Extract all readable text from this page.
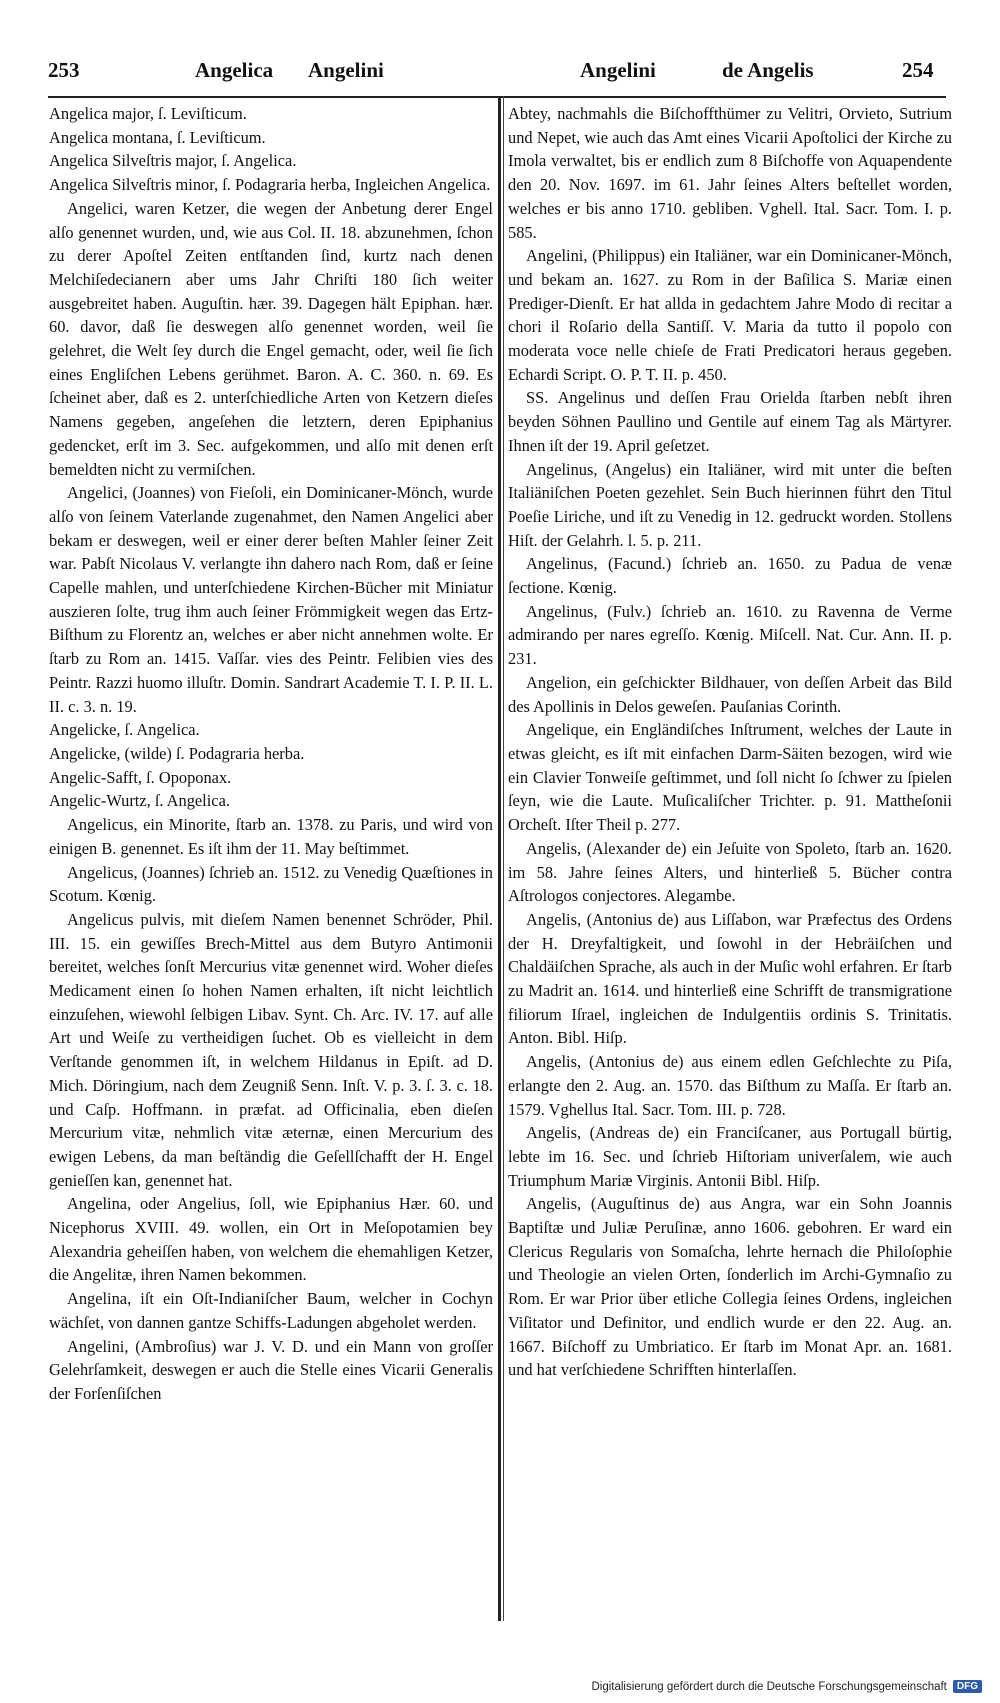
253	Angelica Angelini	Angelini	de Angelis	254

Angelica major, ſ. Leviſticum.

Angelica montana, ſ. Leviſticum.

Angelica Silveſtris major, ſ. Angelica.

Angelica Silveſtris minor, ſ. Podagraria herba, Ingleichen Angelica.

Angelici, waren Ketzer, die wegen der Anbetung derer Engel alſo genennet wurden, und, wie aus Col. II. 18. abzunehmen, ſchon zu derer Apoſtel Zeiten entſtanden ſind, kurtz nach denen Melchiſedecianern aber ums Jahr Chriſti 180 ſich weiter ausgebreitet haben. Auguſtin. hær. 39. Dagegen hält Epiphan. hær. 60. davor, daß ſie deswegen alſo genennet worden, weil ſie gelehret, die Welt ſey durch die Engel gemacht, oder, weil ſie ſich eines Engliſchen Lebens gerühmet. Baron. A. C. 360. n. 69. Es ſcheinet aber, daß es 2. unterſchiedliche Arten von Ketzern dieſes Namens gegeben, angeſehen die letztern, deren Epiphanius gedencket, erſt im 3. Sec. aufgekommen, und alſo mit denen erſt bemeldten nicht zu vermiſchen.

Angelici, (Joannes) von Fieſoli, ein Dominicaner-Mönch, wurde alſo von ſeinem Vaterlande zugenahmet, den Namen Angelici aber bekam er deswegen, weil er einer derer beſten Mahler ſeiner Zeit war. Pabſt Nicolaus V. verlangte ihn dahero nach Rom, daß er ſeine Capelle mahlen, und unterſchiedene Kirchen-Bücher mit Miniatur auszieren ſolte, trug ihm auch ſeiner Frömmigkeit wegen das Ertz-Biſthum zu Florentz an, welches er aber nicht annehmen wolte. Er ſtarb zu Rom an. 1415. Vaſſar. vies des Peintr. Felibien vies des Peintr. Razzi huomo illuſtr. Domin. Sandrart Academie T. I. P. II. L. II. c. 3. n. 19.

Angelicke, ſ. Angelica.

Angelicke, (wilde) ſ. Podagraria herba.

Angelic-Safft, ſ. Opoponax.

Angelic-Wurtz, ſ. Angelica.

Angelicus, ein Minorite, ſtarb an. 1378. zu Paris, und wird von einigen B. genennet. Es iſt ihm der 11. May beſtimmet.

Angelicus, (Joannes) ſchrieb an. 1512. zu Venedig Quæſtiones in Scotum. Kœnig.

Angelicus pulvis, mit dieſem Namen benennet Schröder, Phil. III. 15. ein gewiſſes Brech-Mittel aus dem Butyro Antimonii bereitet, welches ſonſt Mercurius vitæ genennet wird. Woher dieſes Medicament einen ſo hohen Namen erhalten, iſt nicht leichtlich einzuſehen, wiewohl ſelbigen Libav. Synt. Ch. Arc. IV. 17. auf alle Art und Weiſe zu vertheidigen ſuchet. Ob es vielleicht in dem Verſtande genommen iſt, in welchem Hildanus in Epiſt. ad D. Mich. Döringium, nach dem Zeugniß Senn. Inſt. V. p. 3. ſ. 3. c. 18. und Caſp. Hoffmann. in præfat. ad Officinalia, eben dieſen Mercurium vitæ, nehmlich vitæ æternæ, einen Mercurium des ewigen Lebens, da man beſtändig die Geſellſchafft der H. Engel genieſſen kan, genennet hat.

Angelina, oder Angelius, ſoll, wie Epiphanius Hær. 60. und Nicephorus XVIII. 49. wollen, ein Ort in Meſopotamien bey Alexandria geheiſſen haben, von welchem die ehemahligen Ketzer, die Angelitæ, ihren Namen bekommen.

Angelina, iſt ein Oſt-Indianiſcher Baum, welcher in Cochyn wächſet, von dannen gantze Schiffs-Ladungen abgeholet werden.

Angelini, (Ambroſius) war J. V. D. und ein Mann von groſſer Gelehrſamkeit, deswegen er auch die Stelle eines Vicarii Generalis der Forſenſiſchen

Abtey, nachmahls die Biſchoffthümer zu Velitri, Orvieto, Sutrium und Nepet, wie auch das Amt eines Vicarii Apoſtolici der Kirche zu Imola verwaltet, bis er endlich zum 8 Biſchoffe von Aquapendente den 20. Nov. 1697. im 61. Jahr ſeines Alters beſtellet worden, welches er bis anno 1710. gebliben. Vghell. Ital. Sacr. Tom. I. p. 585.

Angelini, (Philippus) ein Italiäner, war ein Dominicaner-Mönch, und bekam an. 1627. zu Rom in der Baſilica S. Mariæ einen Prediger-Dienſt. Er hat allda in gedachtem Jahre Modo di recitar a chori il Roſario della Santiſſ. V. Maria da tutto il popolo con moderata voce nelle chieſe de Frati Predicatori heraus gegeben. Echardi Script. O. P. T. II. p. 450.

SS. Angelinus und deſſen Frau Orielda ſtarben nebſt ihren beyden Söhnen Paullino und Gentile auf einem Tag als Märtyrer. Ihnen iſt der 19. April geſetzet.

Angelinus, (Angelus) ein Italiäner, wird mit unter die beſten Italiäniſchen Poeten gezehlet. Sein Buch hierinnen führt den Titul Poeſie Liriche, und iſt zu Venedig in 12. gedruckt worden. Stollens Hiſt. der Gelahrh. l. 5. p. 211.

Angelinus, (Facund.) ſchrieb an. 1650. zu Padua de venæ ſectione. Kœnig.

Angelinus, (Fulv.) ſchrieb an. 1610. zu Ravenna de Verme admirando per nares egreſſo. Kœnig. Miſcell. Nat. Cur. Ann. II. p. 231.

Angelion, ein geſchickter Bildhauer, von deſſen Arbeit das Bild des Apollinis in Delos geweſen. Pauſanias Corinth.

Angelique, ein Engländiſches Inſtrument, welches der Laute in etwas gleicht, es iſt mit einfachen Darm-Säiten bezogen, wird wie ein Clavier Tonweiſe geſtimmet, und ſoll nicht ſo ſchwer zu ſpielen ſeyn, wie die Laute. Muſicaliſcher Trichter. p. 91. Mattheſonii Orcheſt. Iſter Theil p. 277.

Angelis, (Alexander de) ein Jeſuite von Spoleto, ſtarb an. 1620. im 58. Jahre ſeines Alters, und hinterließ 5. Bücher contra Aſtrologos conjectores. Alegambe.

Angelis, (Antonius de) aus Liſſabon, war Præfectus des Ordens der H. Dreyfaltigkeit, und ſowohl in der Hebräiſchen und Chaldäiſchen Sprache, als auch in der Muſic wohl erfahren. Er ſtarb zu Madrit an. 1614. und hinterließ eine Schrifft de transmigratione filiorum Iſrael, ingleichen de Indulgentiis ordinis S. Trinitatis. Anton. Bibl. Hiſp.

Angelis, (Antonius de) aus einem edlen Geſchlechte zu Piſa, erlangte den 2. Aug. an. 1570. das Biſthum zu Maſſa. Er ſtarb an. 1579. Vghellus Ital. Sacr. Tom. III. p. 728.

Angelis, (Andreas de) ein Franciſcaner, aus Portugall bürtig, lebte im 16. Sec. und ſchrieb Hiſtoriam univerſalem, wie auch Triumphum Mariæ Virginis. Antonii Bibl. Hiſp.

Angelis, (Auguſtinus de) aus Angra, war ein Sohn Joannis Baptiſtæ und Juliæ Peruſinæ, anno 1606. gebohren. Er ward ein Clericus Regularis von Somaſcha, lehrte hernach die Philoſophie und Theologie an vielen Orten, ſonderlich im Archi-Gymnaſio zu Rom. Er war Prior über etliche Collegia ſeines Ordens, ingleichen Viſitator und Definitor, und endlich wurde er den 22. Aug. an. 1667. Biſchoff zu Umbriatico. Er ſtarb im Monat Apr. an. 1681. und hat verſchiedene Schrifften hinterlaſſen.

Digitalisierung gefördert durch die Deutsche Forschungsgemeinschaft	DFG
